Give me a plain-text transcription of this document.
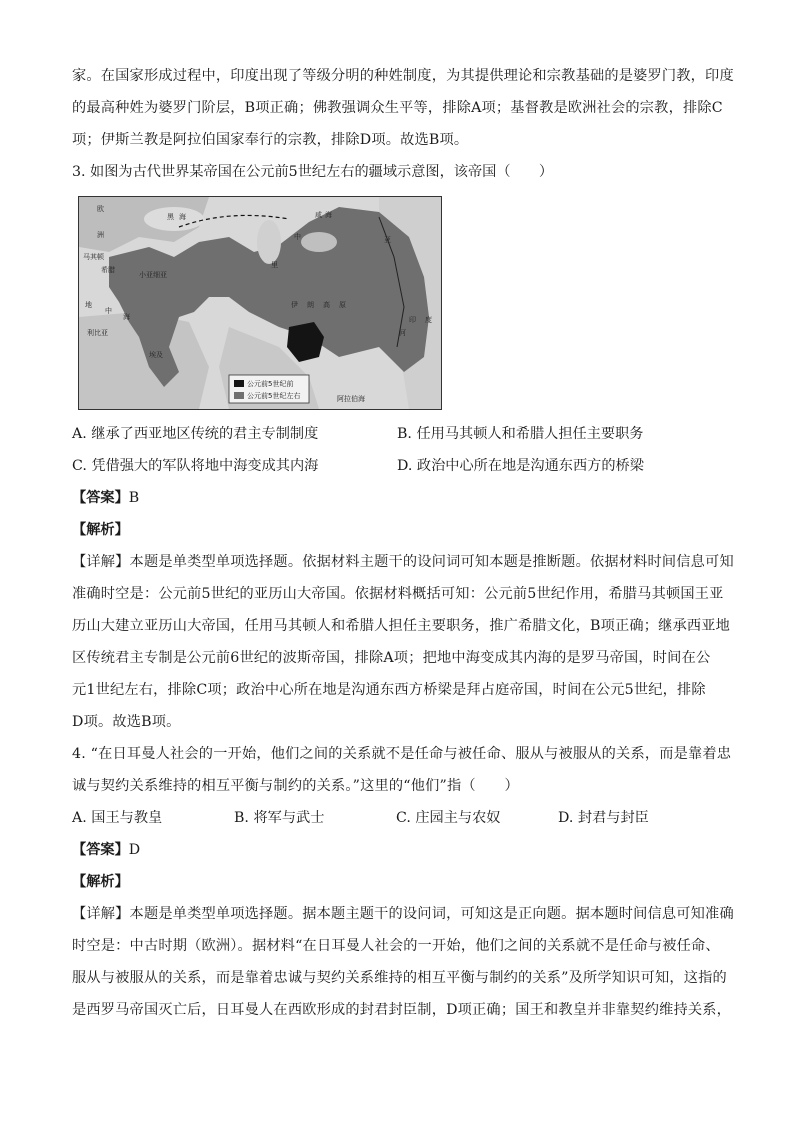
家。在国家形成过程中，印度出现了等级分明的种姓制度，为其提供理论和宗教基础的是婆罗门教，印度
的最高种姓为婆罗门阶层，B项正确；佛教强调众生平等，排除A项；基督教是欧洲社会的宗教，排除C
项；伊斯兰教是阿拉伯国家奉行的宗教，排除D项。故选B项。

3. 如图为古代世界某帝国在公元前5世纪左右的疆域示意图，该帝国（　　）

欧
洲
黑 海
马其顿
希腊
小亚细亚
咸 海
中	亚
里
伊 朗 高 原
地
中
海
利比亚
埃及
印 度
河
阿拉伯海
公元前5世纪前
公元前5世纪左右
A. 继承了西亚地区传统的君主专制制度	B. 任用马其顿人和希腊人担任主要职务
C. 凭借强大的军队将地中海变成其内海	D. 政治中心所在地是沟通东西方的桥梁

【答案】B

【解析】

【详解】本题是单类型单项选择题。依据材料主题干的设问词可知本题是推断题。依据材料时间信息可知
准确时空是：公元前5世纪的亚历山大帝国。依据材料概括可知：公元前5世纪作用，希腊马其顿国王亚
历山大建立亚历山大帝国，任用马其顿人和希腊人担任主要职务，推广希腊文化，B项正确；继承西亚地
区传统君主专制是公元前6世纪的波斯帝国，排除A项；把地中海变成其内海的是罗马帝国，时间在公
元1世纪左右，排除C项；政治中心所在地是沟通东西方桥梁是拜占庭帝国，时间在公元5世纪，排除
D项。故选B项。

4. “在日耳曼人社会的一开始，他们之间的关系就不是任命与被任命、服从与被服从的关系，而是靠着忠
诚与契约关系维持的相互平衡与制约的关系。”这里的“他们”指（　　）

A. 国王与教皇	B. 将军与武士	C. 庄园主与农奴	D. 封君与封臣

【答案】D

【解析】

【详解】本题是单类型单项选择题。据本题主题干的设问词，可知这是正向题。据本题时间信息可知准确
时空是：中古时期（欧洲）。据材料“在日耳曼人社会的一开始，他们之间的关系就不是任命与被任命、
服从与被服从的关系，而是靠着忠诚与契约关系维持的相互平衡与制约的关系”及所学知识可知，这指的
是西罗马帝国灭亡后，日耳曼人在西欧形成的封君封臣制，D项正确；国王和教皇并非靠契约维持关系，
